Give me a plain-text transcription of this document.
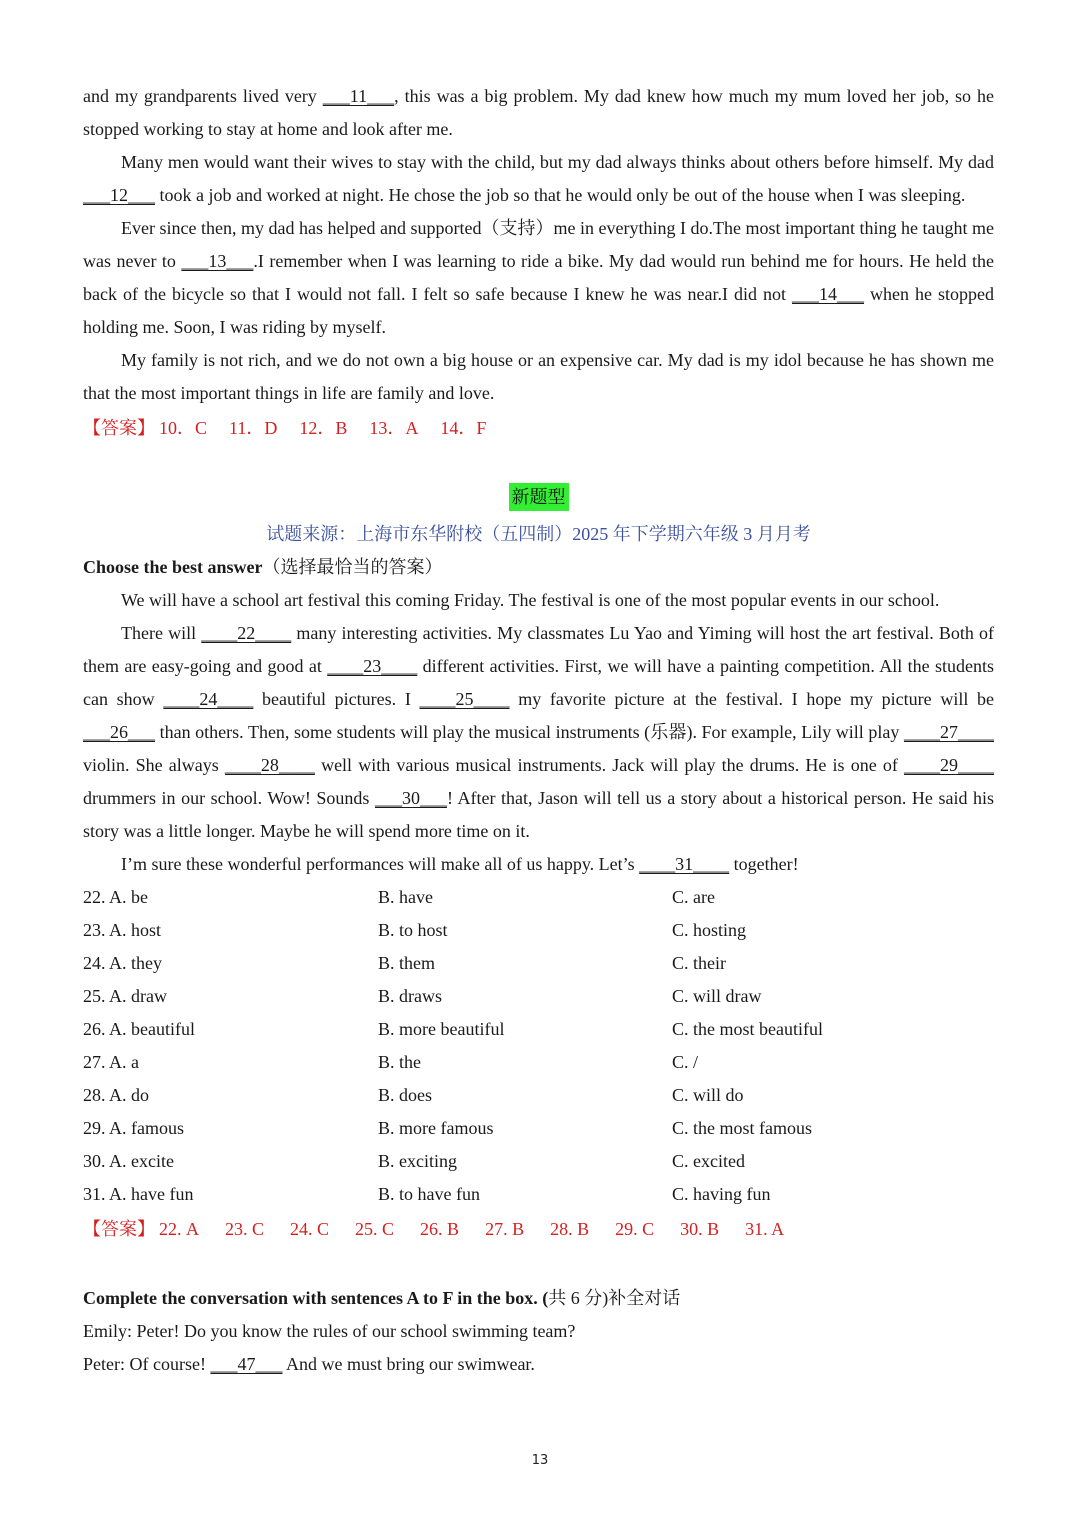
and my grandparents lived very ___11___, this was a big problem. My dad knew how much my mum loved her job, so he stopped working to stay at home and look after me.

Many men would want their wives to stay with the child, but my dad always thinks about others before himself. My dad ___12___ took a job and worked at night. He chose the job so that he would only be out of the house when I was sleeping.

Ever since then, my dad has helped and supported（支持）me in everything I do.The most important thing he taught me was never to ___13___.I remember when I was learning to ride a bike. My dad would run behind me for hours. He held the back of the bicycle so that I would not fall. I felt so safe because I knew he was near.I did not ___14___ when he stopped holding me. Soon, I was riding by myself.

My family is not rich, and we do not own a big house or an expensive car. My dad is my idol because he has shown me that the most important things in life are family and love.

【答案】 10．C 11．D 12．B 13．A 14．F
新题型
试题来源：上海市东华附校（五四制）2025 年下学期六年级 3 月月考

Choose the best answer（选择最恰当的答案）

We will have a school art festival this coming Friday. The festival is one of the most popular events in our school.

There will ____22____ many interesting activities. My classmates Lu Yao and Yiming will host the art festival. Both of them are easy-going and good at ____23____ different activities. First, we will have a painting competition. All the students can show ____24____ beautiful pictures. I ____25____ my favorite picture at the festival. I hope my picture will be ___26___ than others. Then, some students will play the musical instruments (乐器). For example, Lily will play ____27____ violin. She always ____28____ well with various musical instruments. Jack will play the drums. He is one of ____29____ drummers in our school. Wow! Sounds ___30___! After that, Jason will tell us a story about a historical person. He said his story was a little longer. Maybe he will spend more time on it.

I’m sure these wonderful performances will make all of us happy. Let’s ____31____ together!

22. A. be	B. have	C. are
23. A. host	B. to host	C. hosting
24. A. they	B. them	C. their
25. A. draw	B. draws	C. will draw
26. A. beautiful	B. more beautiful	C. the most beautiful
27. A. a	B. the	C. /
28. A. do	B. does	C. will do
29. A. famous	B. more famous	C. the most famous
30. A. excite	B. exciting	C. excited
31. A. have fun	B. to have fun	C. having fun
【答案】 22. A 23. C 24. C 25. C 26. B 27. B 28. B 29. C 30. B 31. A

Complete the conversation with sentences A to F in the box. (共 6 分)补全对话

Emily: Peter! Do you know the rules of our school swimming team?

Peter: Of course! ___47___ And we must bring our swimwear.

13
